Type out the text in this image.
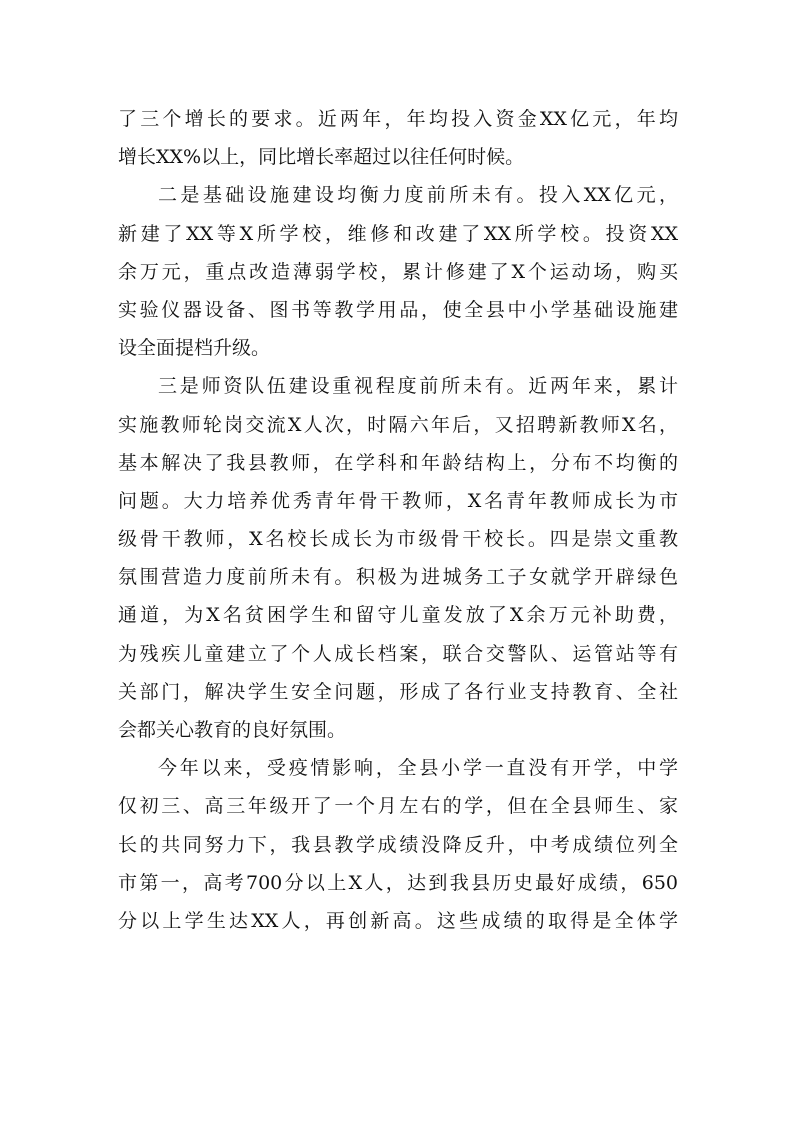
了三个增长的要求。近两年，年均投入资金XX亿元，年均
增长XX%以上，同比增长率超过以往任何时候。
二是基础设施建设均衡力度前所未有。投入XX亿元，
新建了XX等X所学校，维修和改建了XX所学校。投资XX
余万元，重点改造薄弱学校，累计修建了X个运动场，购买
实验仪器设备、图书等教学用品，使全县中小学基础设施建
设全面提档升级。
三是师资队伍建设重视程度前所未有。近两年来，累计
实施教师轮岗交流X人次，时隔六年后，又招聘新教师X名，
基本解决了我县教师，在学科和年龄结构上，分布不均衡的
问题。大力培养优秀青年骨干教师，X名青年教师成长为市
级骨干教师，X名校长成长为市级骨干校长。四是崇文重教
氛围营造力度前所未有。积极为进城务工子女就学开辟绿色
通道，为X名贫困学生和留守儿童发放了X余万元补助费，
为残疾儿童建立了个人成长档案，联合交警队、运管站等有
关部门，解决学生安全问题，形成了各行业支持教育、全社
会都关心教育的良好氛围。
今年以来，受疫情影响，全县小学一直没有开学，中学
仅初三、高三年级开了一个月左右的学，但在全县师生、家
长的共同努力下，我县教学成绩没降反升，中考成绩位列全
市第一，高考700分以上X人，达到我县历史最好成绩，650
分以上学生达XX人，再创新高。这些成绩的取得是全体学
